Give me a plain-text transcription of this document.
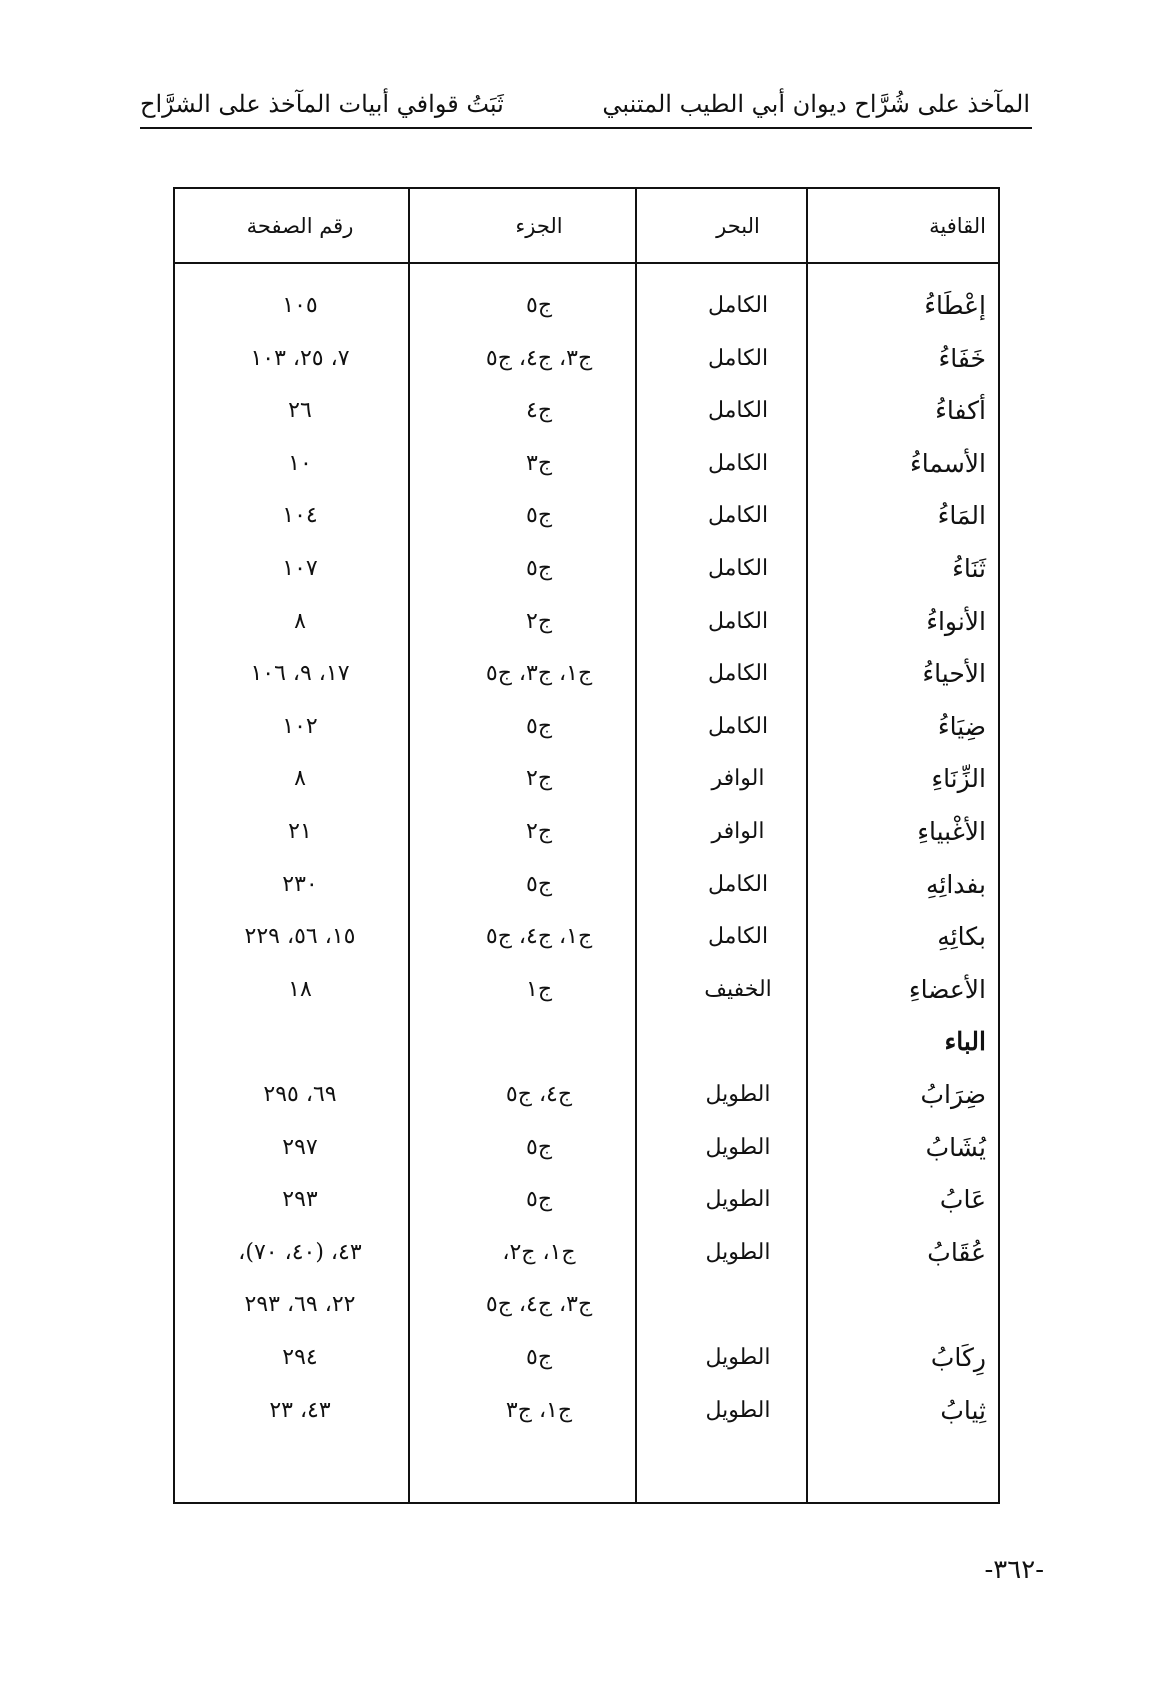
المآخذ على شُرَّاح ديوان أبي الطيب المتنبي
ثَبَتُ قوافي أبيات المآخذ على الشرَّاح
القافية
البحر
الجزء
رقم الصفحة
إعْطَاءُ
الكامل
ج٥
١٠٥
خَفَاءُ
الكامل
ج٣، ج٤، ج٥
٧، ٢٥، ١٠٣
أكفاءُ
الكامل
ج٤
٢٦
الأسماءُ
الكامل
ج٣
١٠
المَاءُ
الكامل
ج٥
١٠٤
ثَنَاءُ
الكامل
ج٥
١٠٧
الأنواءُ
الكامل
ج٢
٨
الأحياءُ
الكامل
ج١، ج٣، ج٥
١٧، ٩، ١٠٦
ضِيَاءُ
الكامل
ج٥
١٠٢
الزِّنَاءِ
الوافر
ج٢
٨
الأغْبياءِ
الوافر
ج٢
٢١
بفدائِهِ
الكامل
ج٥
٢٣٠
بكائِهِ
الكامل
ج١، ج٤، ج٥
١٥، ٥٦، ٢٢٩
الأعضاءِ
الخفيف
ج١
١٨
الباء
ضِرَابُ
الطويل
ج٤، ج٥
٦٩، ٢٩٥
يُشَابُ
الطويل
ج٥
٢٩٧
عَابُ
الطويل
ج٥
٢٩٣
عُقَابُ
الطويل
ج١، ج٢،
٤٣، (٤٠، ٧٠)،
ج٣، ج٤، ج٥
٢٢، ٦٩، ٢٩٣
رِكَابُ
الطويل
ج٥
٢٩٤
ثِيابُ
الطويل
ج١، ج٣
٤٣، ٢٣
-٣٦٢-
